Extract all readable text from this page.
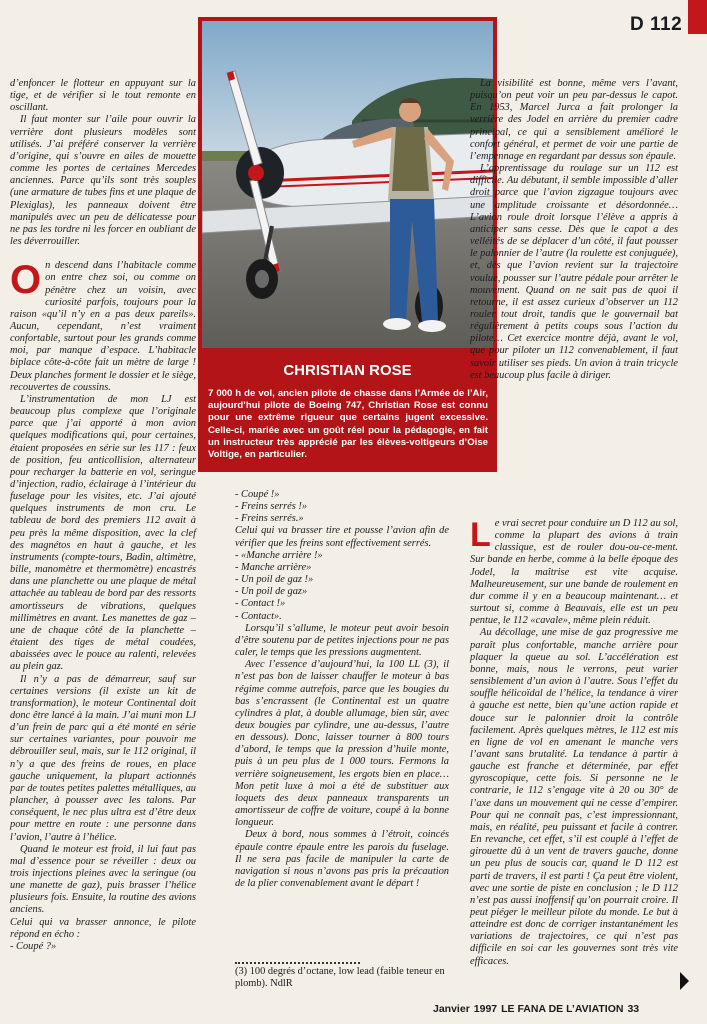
D 112

d’enfoncer le flotteur en appuyant sur la tige, et de vérifier si le tout remonte en oscillant.

Il faut monter sur l’aile pour ouvrir la verrière dont plusieurs modèles sont utilisés. J’ai préféré conserver la verrière d’origine, qui s’ouvre en ailes de mouette comme les portes de certaines Mercedes anciennes. Parce qu’ils sont très souples (une armature de tubes fins et une plaque de Plexiglas), les panneaux doivent être manipulés avec un peu de délicatesse pour ne pas les tordre ni les forcer en oubliant de les déverrouiller.

On descend dans l’habitacle comme on entre chez soi, ou comme on pénètre chez un voisin, avec curiosité parfois, toujours pour la raison «qu’il n’y en a pas deux pareils». Aucun, cependant, n’est vraiment confortable, surtout pour les grands comme moi, par manque d’espace. L’habitacle biplace côte-à-côte fait un mètre de large ! Deux planches forment le dossier et le siège, recouvertes de coussins.

L’instrumentation de mon LJ est beaucoup plus complexe que l’originale parce que j’ai apporté à mon avion quelques modifications qui, pour certaines, étaient proposées en série sur les 117 : feux de position, feu anticollision, alternateur pour recharger la batterie en vol, seringue d’injection, radio, éclairage à l’intérieur du fuselage pour les visites, etc. J’ai ajouté quelques instruments de mon cru. Le tableau de bord des premiers 112 avait à peu près la même disposition, avec la clef des magnétos en haut à gauche, et les instruments (compte-tours, Badin, altimètre, bille, manomètre et thermomètre) encastrés dans une planchette ou une plaque de métal attachée au tableau de bord par des ressorts amortisseurs de vibrations, quelques millimètres en avant. Les manettes de gaz – une de chaque côté de la planchette – étaient des tiges de métal coudées, abaissées avec le pouce au ralenti, relevées au plein gaz.

Il n’y a pas de démarreur, sauf sur certaines versions (il existe un kit de transformation), le moteur Continental doit donc être lancé à la main. J’ai muni mon LJ d’un frein de parc qui a été monté en série sur certaines variantes, pour pouvoir me débrouiller seul, mais, sur le 112 original, il n’y a que des freins de roues, en place gauche uniquement, la plupart actionnés par de toutes petites palettes métalliques, au plancher, à pousser avec les talons. Par conséquent, le nec plus ultra est d’être deux pour mettre en route : une personne dans l’avion, l’autre à l’hélice.

Quand le moteur est froid, il lui faut pas mal d’essence pour se réveiller : deux ou trois injections pleines avec la seringue (ou une manette de gaz), puis brasser l’hélice plusieurs fois. Ensuite, la routine des avions anciens.

Celui qui va brasser annonce, le pilote répond en écho :
- Coupé ?»

CHRISTIAN ROSE
7 000 h de vol, ancien pilote de chasse dans l’Armée de l’Air, aujourd’hui pilote de Boeing 747, Christian Rose est connu pour une extrême rigueur que certains jugent excessive. Celle-ci, mariée avec un goût réel pour la pédagogie, en fait un instructeur très apprécié par les élèves-voltigeurs d’Oise Voltige, en particulier.

- Coupé !»
- Freins serrés !»
- Freins serrés.»

Celui qui va brasser tire et pousse l’avion afin de vérifier que les freins sont effectivement serrés.
- «Manche arrière !»
- Manche arrière»
- Un poil de gaz !»
- Un poil de gaz»
- Contact !»
- Contact».

Lorsqu’il s’allume, le moteur peut avoir besoin d’être soutenu par de petites injections pour ne pas caler, le temps que les pressions augmentent.

Avec l’essence d’aujourd’hui, la 100 LL (3), il n’est pas bon de laisser chauffer le moteur à bas régime comme autrefois, parce que les bougies du bas s’encrassent (le Continental est un quatre cylindres à plat, à double allumage, bien sûr, avec deux bougies par cylindre, une au-dessus, l’autre en dessous). Donc, laisser tourner à 800 tours d’abord, le temps que la pression d’huile monte, puis à un peu plus de 1 000 tours. Fermons la verrière soigneusement, les ergots bien en place… Mon petit luxe à moi a été de substituer aux loquets des deux panneaux transparents un amortisseur de coffre de voiture, coupé à la bonne longueur.

Deux à bord, nous sommes à l’étroit, coincés épaule contre épaule entre les parois du fuselage. Il ne sera pas facile de manipuler la carte de navigation si nous n’avons pas pris la précaution de la plier convenablement avant le départ !

(3) 100 degrés d’octane, low lead (faible teneur en plomb). NdlR

La visibilité est bonne, même vers l’avant, puisqu’on peut voir un peu par-dessus le capot. En 1953, Marcel Jurca a fait prolonger la verrière des Jodel en arrière du premier cadre principal, ce qui a sensiblement amélioré le confort général, et permet de voir une partie de l’empennage en regardant par dessus son épaule.

L’apprentissage du roulage sur un 112 est difficile. Au débutant, il semble impossible d’aller droit parce que l’avion zigzague toujours avec une amplitude croissante et désordonnée… L’avion roule droit lorsque l’élève a appris à anticiper sans cesse. Dès que le capot a des velléités de se déplacer d’un côté, il faut pousser le palonnier de l’autre (la roulette est conjuguée), et, dès que l’avion revient sur la trajectoire voulue, pousser sur l’autre pédale pour arrêter le mouvement. Quand on ne sait pas de quoi il retourne, il est assez curieux d’observer un 112 rouler tout droit, tandis que le gouvernail bat régulièrement à petits coups sous l’action du pilote… Cet exercice montre déjà, avant le vol, que pour piloter un 112 convenablement, il faut savoir utiliser ses pieds. Un avion à train tricycle est beaucoup plus facile à diriger.

Le vrai secret pour conduire un D 112 au sol, comme la plupart des avions à train classique, est de rouler dou-ou-ce-ment. Sur bande en herbe, comme à la belle époque des Jodel, la maîtrise est vite acquise. Malheureusement, sur une bande de roulement en dur comme il y en a beaucoup maintenant… et surtout si, comme à Beauvais, elle est un peu pentue, le 112 «cavale», même plein réduit.

Au décollage, une mise de gaz progressive me paraît plus confortable, manche arrière pour plaquer la queue au sol. L’accélération est bonne, mais, nous le verrons, peut varier sensiblement d’un avion à l’autre. Sous l’effet du souffle hélicoïdal de l’hélice, la tendance à virer à gauche est nette, bien qu’une action rapide et douce sur le palonnier droit la contrôle facilement. Après quelques mètres, le 112 est mis en ligne de vol en amenant le manche vers l’avant sans brutalité. La tendance à partir à gauche est franche et déterminée, par effet gyroscopique, cette fois. Si personne ne le contrarie, le 112 s’engage vite à 20 ou 30° de l’axe dans un mouvement qui ne cesse d’empirer. Pour qui ne connaît pas, c’est impressionnant, mais, en réalité, peu puissant et facile à contrer. En revanche, cet effet, s’il est couplé à l’effet de girouette dû à un vent de travers gauche, donne un peu plus de soucis car, quand le D 112 est parti de travers, il est parti ! Ça peut être violent, avec une sortie de piste en conclusion ; le D 112 n’est pas aussi inoffensif qu’on pourrait croire. Il peut piéger le meilleur pilote du monde. Le but à atteindre est donc de corriger instantanément les variations de trajectoires, ce qui n’est pas difficile en soi car les gouvernes sont très vite efficaces.

Janvier 1997 LE FANA DE L’AVIATION 33
